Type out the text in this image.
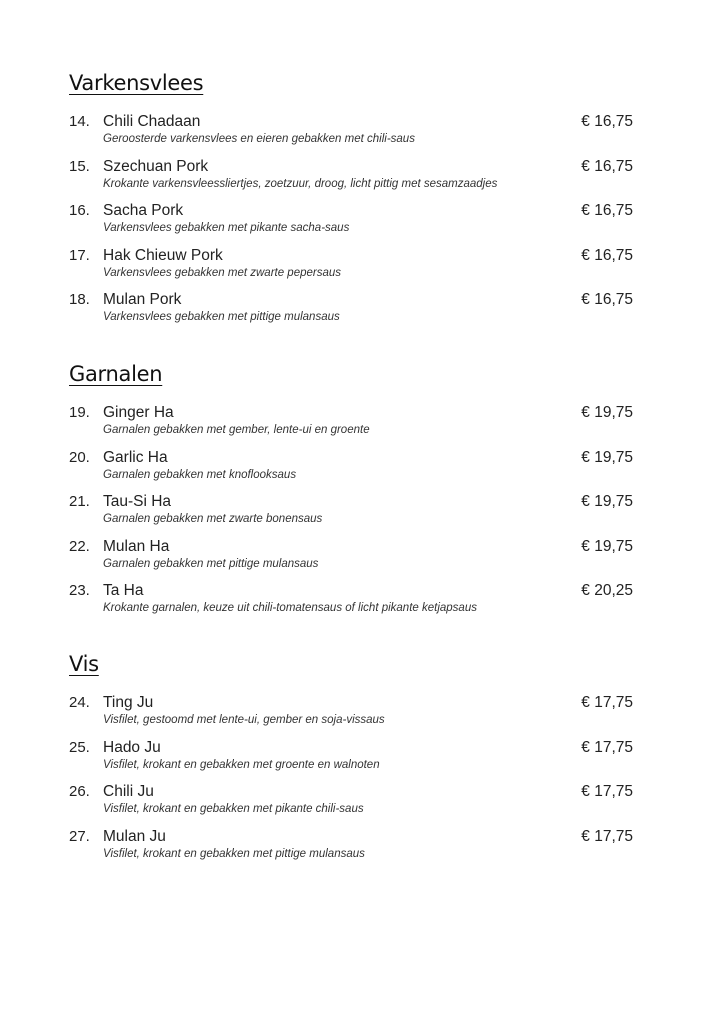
Varkensvlees
14. Chili Chadaan
Geroosterde varkensvlees en eieren gebakken met chili-saus
€ 16,75
15. Szechuan Pork
Krokante varkensvleessliertjes, zoetzuur, droog, licht pittig met sesamzaadjes
€ 16,75
16. Sacha Pork
Varkensvlees gebakken met pikante sacha-saus
€ 16,75
17. Hak Chieuw Pork
Varkensvlees gebakken met zwarte pepersaus
€ 16,75
18. Mulan Pork
Varkensvlees gebakken met pittige mulansaus
€ 16,75
Garnalen
19. Ginger Ha
Garnalen gebakken met gember, lente-ui en groente
€ 19,75
20. Garlic Ha
Garnalen gebakken met knoflooksaus
€ 19,75
21. Tau-Si Ha
Garnalen gebakken met zwarte bonensaus
€ 19,75
22. Mulan Ha
Garnalen gebakken met pittige mulansaus
€ 19,75
23. Ta Ha
Krokante garnalen, keuze uit chili-tomatensaus of licht pikante ketjapsaus
€ 20,25
Vis
24. Ting Ju
Visfilet, gestoomd met lente-ui, gember en soja-vissaus
€ 17,75
25. Hado Ju
Visfilet, krokant en gebakken met groente en walnoten
€ 17,75
26. Chili Ju
Visfilet, krokant en gebakken met pikante chili-saus
€ 17,75
27. Mulan Ju
Visfilet, krokant en gebakken met pittige mulansaus
€ 17,75
